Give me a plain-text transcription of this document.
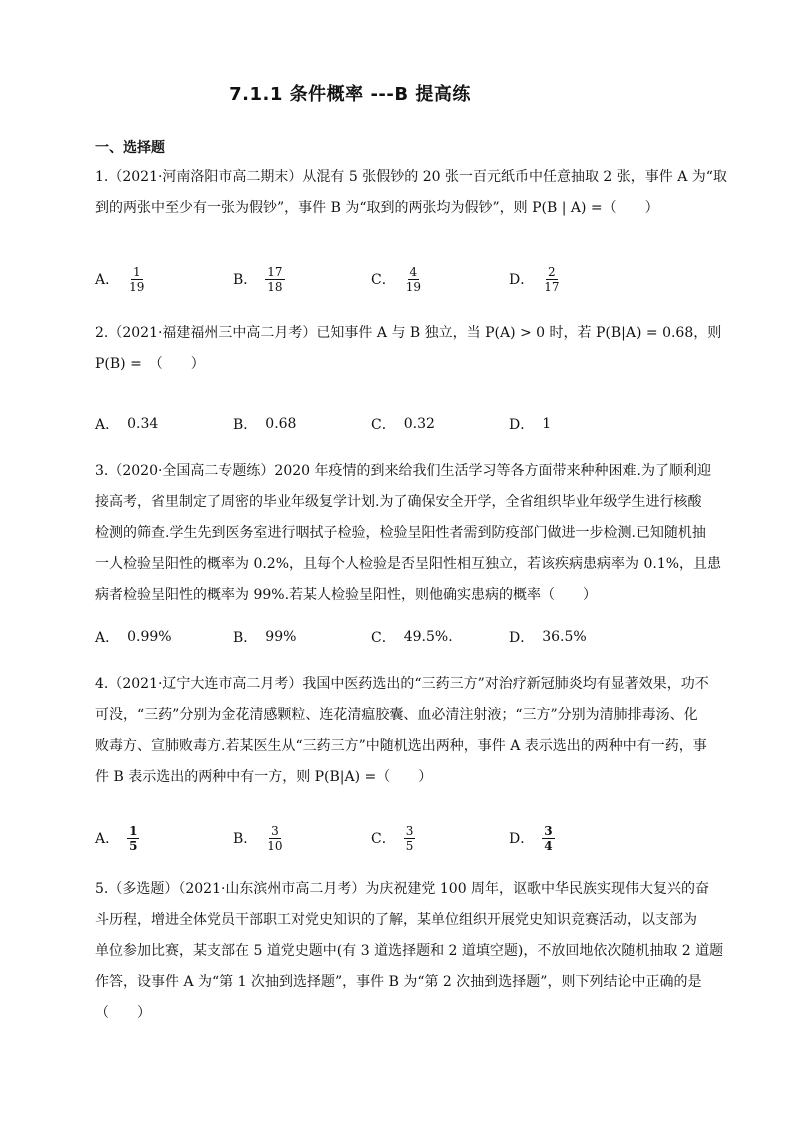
7.1.1 条件概率 ---B 提高练
一、选择题
1.（2021·河南洛阳市高二期末）从混有 5 张假钞的 20 张一百元纸币中任意抽取 2 张，事件 A 为“取
到的两张中至少有一张为假钞”，事件 B 为“取到的两张均为假钞”，则 P(B | A) =（　　）
A． $\frac{1}{19}$	B． $\frac{17}{18}$	C． $\frac{4}{19}$	D． $\frac{2}{17}$
2.（2021·福建福州三中高二月考）已知事件 A 与 B 独立，当 P(A) > 0 时，若 P(B|A) = 0.68，则
P(B) =　（　　）
A． 0.34	B． 0.68	C． 0.32	D． 1
3.（2020·全国高二专题练）2020 年疫情的到来给我们生活学习等各方面带来种种困难.为了顺利迎
接高考，省里制定了周密的毕业年级复学计划.为了确保安全开学，全省组织毕业年级学生进行核酸
检测的筛查.学生先到医务室进行咽拭子检验，检验呈阳性者需到防疫部门做进一步检测.已知随机抽
一人检验呈阳性的概率为 0.2%，且每个人检验是否呈阳性相互独立，若该疾病患病率为 0.1%，且患
病者检验呈阳性的概率为 99%.若某人检验呈阳性，则他确实患病的概率（　　）
A． 0.99%	B． 99%	C． 49.5%.	D． 36.5%
4.（2021·辽宁大连市高二月考）我国中医药选出的“三药三方”对治疗新冠肺炎均有显著效果，功不
可没，“三药”分别为金花清感颗粒、连花清瘟胶囊、血必清注射液；“三方”分别为清肺排毒汤、化
败毒方、宣肺败毒方.若某医生从“三药三方”中随机选出两种，事件 A 表示选出的两种中有一药，事
件 B 表示选出的两种中有一方，则 P(B|A) =（　　）
A． $\frac{1}{5}$	B． $\frac{3}{10}$	C． $\frac{3}{5}$	D． $\frac{3}{4}$
5.（多选题）（2021·山东滨州市高二月考）为庆祝建党 100 周年，讴歌中华民族实现伟大复兴的奋
斗历程，增进全体党员干部职工对党史知识的了解，某单位组织开展党史知识竞赛活动，以支部为
单位参加比赛，某支部在 5 道党史题中(有 3 道选择题和 2 道填空题)，不放回地依次随机抽取 2 道题
作答，设事件 A 为“第 1 次抽到选择题”，事件 B 为“第 2 次抽到选择题”，则下列结论中正确的是
（　　）
